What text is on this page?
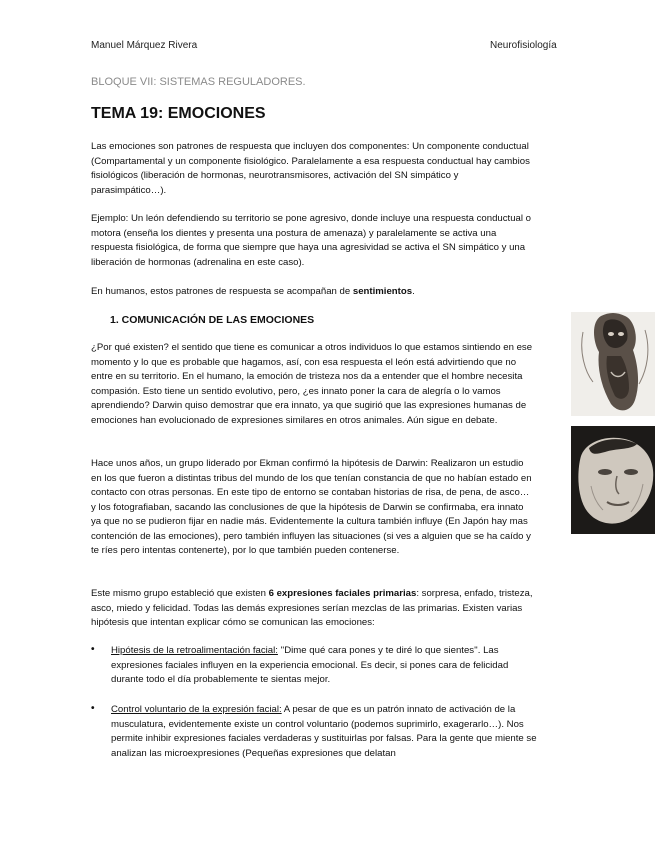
Manuel Márquez Rivera	Neurofisiología
BLOQUE VII: SISTEMAS REGULADORES.
TEMA 19: EMOCIONES

Las emociones son patrones de respuesta que incluyen dos componentes: Un componente conductual (Compartamental y un componente fisiológico. Paralelamente a esa respuesta conductual hay cambios fisiológicos (liberación de hormonas, neurotransmisores, activación del SN simpático y parasimpático…).

Ejemplo: Un león defendiendo su territorio se pone agresivo, donde incluye una respuesta conductual o motora (enseña los dientes y presenta una postura de amenaza) y paralelamente se activa una respuesta fisiológica, de forma que siempre que haya una agresividad se activa el SN simpático y una liberación de hormonas (adrenalina en este caso).

En humanos, estos patrones de respuesta se acompañan de sentimientos.

1. COMUNICACIÓN DE LAS EMOCIONES

¿Por qué existen? el sentido que tiene es comunicar a otros individuos lo que estamos sintiendo en ese momento y lo que es probable que hagamos, así, con esa respuesta el león está advirtiendo que no entre en su territorio. En el humano, la emoción de tristeza nos da a entender que el hombre necesita compasión. Esto tiene un sentido evolutivo, pero, ¿es innato poner la cara de alegría o lo vamos aprendiendo? Darwin quiso demostrar que era innato, ya que sugirió que las expresiones humanas de emociones han evolucionado de expresiones similares en otros animales. Aún sigue en debate.

Hace unos años, un grupo liderado por Ekman confirmó la hipótesis de Darwin: Realizaron un estudio en los que fueron a distintas tribus del mundo de los que tenían constancia de que no habían estado en contacto con otras personas. En este tipo de entorno se contaban historias de risa, de pena, de asco… y los fotografiaban, sacando las conclusiones de que la hipótesis de Darwin se confirmaba, era innato ya que no se pudieron fijar en nadie más. Evidentemente la cultura también influye (En Japón hay mas contención de las emociones), pero también influyen las situaciones (si ves a alguien que se ha caído y te ríes pero intentas contenerte), por lo que también pueden contenerse.

Este mismo grupo estableció que existen 6 expresiones faciales primarias: sorpresa, enfado, tristeza, asco, miedo y felicidad. Todas las demás expresiones serían mezclas de las primarias. Existen varias hipótesis que intentan explicar cómo se comunican las emociones:

• Hipótesis de la retroalimentación facial: ''Dime qué cara pones y te diré lo que sientes''. Las expresiones faciales influyen en la experiencia emocional. Es decir, si pones cara de felicidad durante todo el día probablemente te sientas mejor.

• Control voluntario de la expresión facial: A pesar de que es un patrón innato de activación de la musculatura, evidentemente existe un control voluntario (podemos suprimirlo, exagerarlo…). Nos permite inhibir expresiones faciales verdaderas y sustituirlas por falsas. Para la gente que miente se analizan las microexpresiones (Pequeñas expresiones que delatan
